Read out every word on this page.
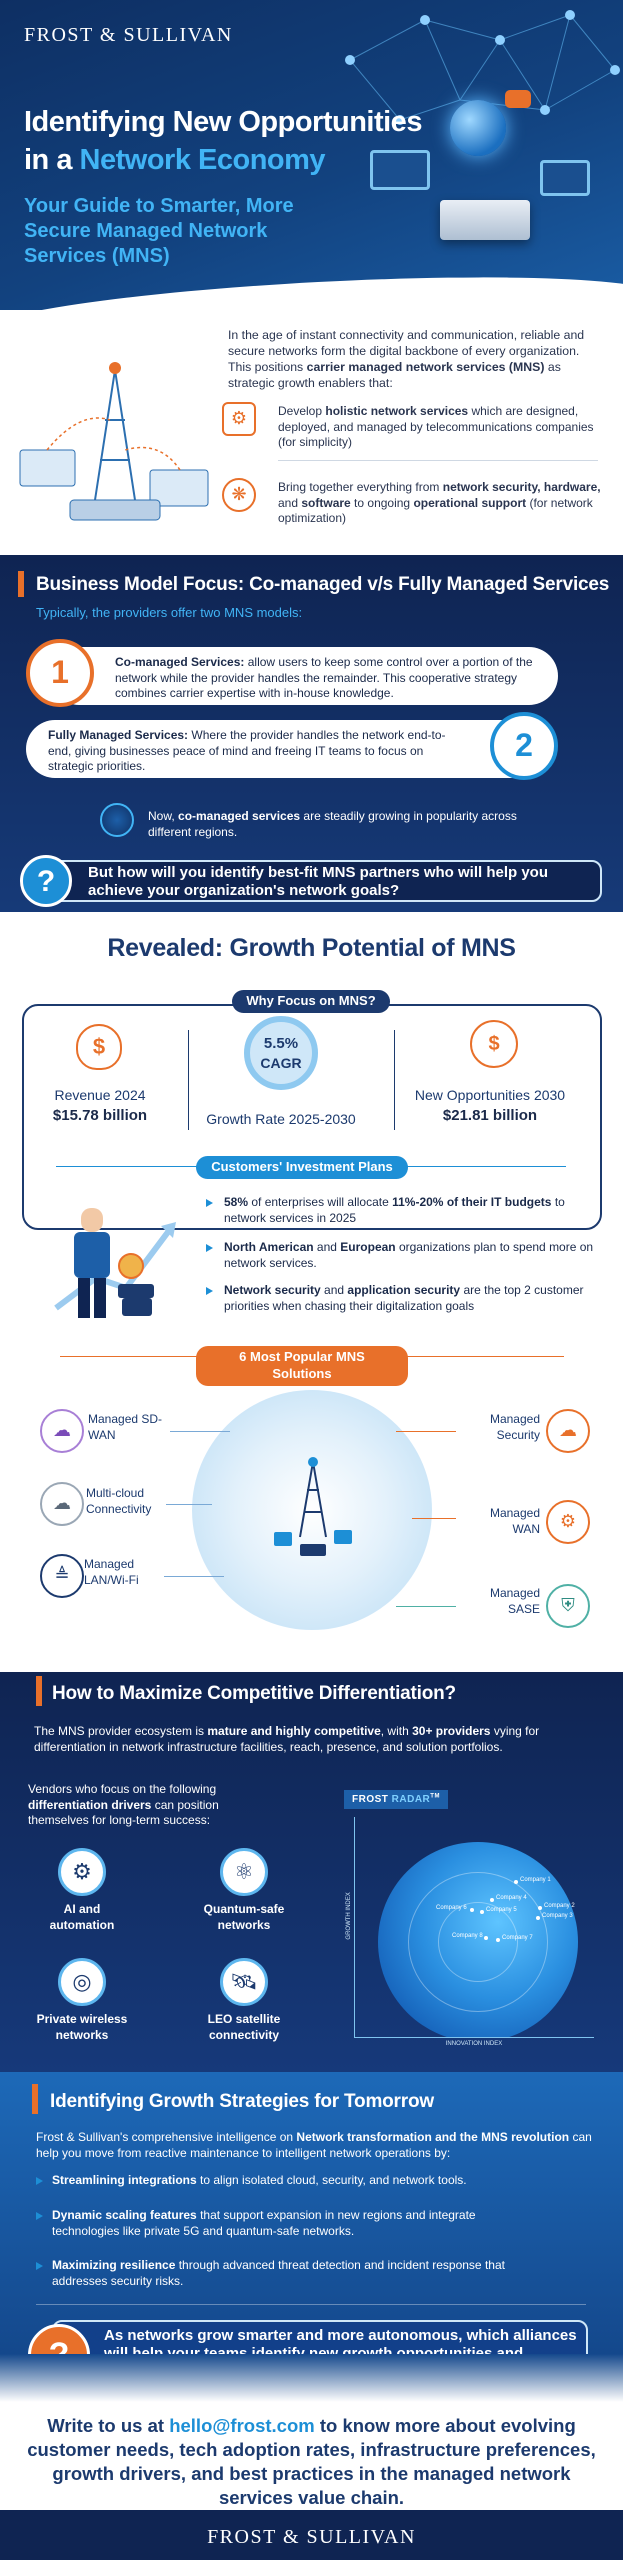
FROST & SULLIVAN
Identifying New Opportunities
in a Network Economy
Your Guide to Smarter, More Secure Managed Network Services (MNS)

In the age of instant connectivity and communication, reliable and secure networks form the digital backbone of every organization. This positions carrier managed network services (MNS) as strategic growth enablers that:

⚙	Develop holistic network services which are designed, deployed, and managed by telecommunications companies (for simplicity)

❋	Bring together everything from network security, hardware, and software to ongoing operational support (for network optimization)

Business Model Focus: Co-managed v/s Fully Managed Services
Typically, the providers offer two MNS models:
1	Co-managed Services: allow users to keep some control over a portion of the network while the provider handles the remainder. This cooperative strategy combines carrier expertise with in-house knowledge.

2

Fully Managed Services: Where the provider handles the network end-to-end, giving businesses peace of mind and freeing IT teams to focus on strategic priorities.

Now, co-managed services are steadily growing in popularity across different regions.

? But how will you identify best-fit MNS partners who will help you achieve your organization's network goals?

Revealed: Growth Potential of MNS
Why Focus on MNS?
$
Revenue 2024
$15.78 billion
5.5%
CAGR
Growth Rate 2025-2030
$
New Opportunities 2030
$21.81 billion
Customers' Investment Plans

58% of enterprises will allocate 11%-20% of their IT budgets to network services in 2025

North American and European organizations plan to spend more on network services.

Network security and application security are the top 2 customer priorities when chasing their digitalization goals

6 Most Popular MNS Solutions
☁
Managed SD-WAN
☁
Multi-cloud Connectivity
≜
Managed LAN/Wi-Fi
Managed Security	☁
Managed WAN	⚙
Managed SASE	⛨
How to Maximize Competitive Differentiation?

The MNS provider ecosystem is mature and highly competitive, with 30+ providers vying for differentiation in network infrastructure facilities, reach, presence, and solution portfolios.

Vendors who focus on the following differentiation drivers can position themselves for long-term success:

⚙
AI and automation
⚛
Quantum-safe networks
◎
Private wireless networks
🛰
LEO satellite connectivity
FROST RADAR™
GROWTH INDEX
INNOVATION INDEX
Company 1
Company 2
Company 3
Company 4
Company 5
Company 6
Company 7
Company 8
Identifying Growth Strategies for Tomorrow

Frost & Sullivan's comprehensive intelligence on Network transformation and the MNS revolution can help you move from reactive maintenance to intelligent network operations by:

Streamlining integrations to align isolated cloud, security, and network tools.

Dynamic scaling features that support expansion in new regions and integrate technologies like private 5G and quantum-safe networks.

Maximizing resilience through advanced threat detection and incident response that addresses security risks.

As networks grow smarter and more autonomous, which alliances

Write to us at hello@frost.com to know more about evolving customer needs, tech adoption rates, infrastructure preferences, growth drivers, and best practices in the managed network services value chain.

FROST & SULLIVAN
